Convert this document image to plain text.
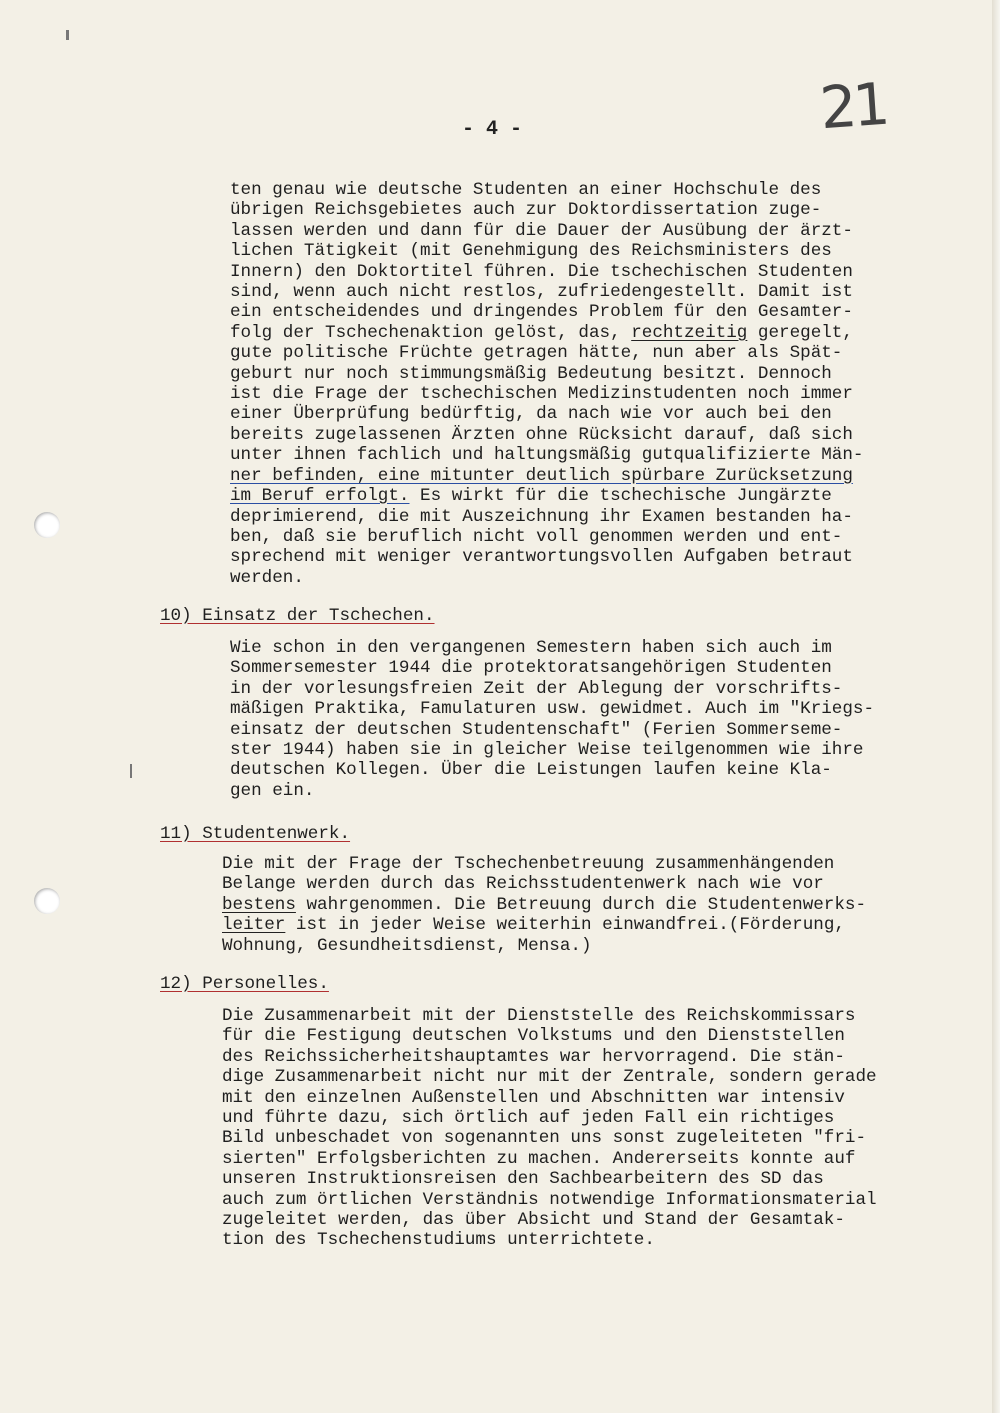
21
- 4 -
ten genau wie deutsche Studenten an einer Hochschule des
übrigen Reichsgebietes auch zur Doktordissertation zuge-
lassen werden und dann für die Dauer der Ausübung der ärzt-
lichen Tätigkeit (mit Genehmigung des Reichsministers des
Innern) den Doktortitel führen. Die tschechischen Studenten
sind, wenn auch nicht restlos, zufriedengestellt. Damit ist
ein entscheidendes und dringendes Problem für den Gesamter-
folg der Tschechenaktion gelöst, das, rechtzeitig geregelt,
gute politische Früchte getragen hätte, nun aber als Spät-
geburt nur noch stimmungsmäßig Bedeutung besitzt. Dennoch
ist die Frage der tschechischen Medizinstudenten noch immer
einer Überprüfung bedürftig, da nach wie vor auch bei den
bereits zugelassenen Ärzten ohne Rücksicht darauf, daß sich
unter ihnen fachlich und haltungsmäßig gutqualifizierte Män-
ner befinden, eine mitunter deutlich spürbare Zurücksetzung
im Beruf erfolgt. Es wirkt für die tschechische Jungärzte
deprimierend, die mit Auszeichnung ihr Examen bestanden ha-
ben, daß sie beruflich nicht voll genommen werden und ent-
sprechend mit weniger verantwortungsvollen Aufgaben betraut
werden.
10) Einsatz der Tschechen.
Wie schon in den vergangenen Semestern haben sich auch im
Sommersemester 1944 die protektoratsangehörigen Studenten
in der vorlesungsfreien Zeit der Ablegung der vorschrifts-
mäßigen Praktika, Famulaturen usw. gewidmet. Auch im "Kriegs-
einsatz der deutschen Studentenschaft" (Ferien Sommerseme-
ster 1944) haben sie in gleicher Weise teilgenommen wie ihre
deutschen Kollegen. Über die Leistungen laufen keine Kla-
gen ein.
11) Studentenwerk.
Die mit der Frage der Tschechenbetreuung zusammenhängenden
Belange werden durch das Reichsstudentenwerk nach wie vor
bestens wahrgenommen. Die Betreuung durch die Studentenwerks-
leiter ist in jeder Weise weiterhin einwandfrei.(Förderung,
Wohnung, Gesundheitsdienst, Mensa.)
12) Personelles.
Die Zusammenarbeit mit der Dienststelle des Reichskommissars
für die Festigung deutschen Volkstums und den Dienststellen
des Reichssicherheitshauptamtes war hervorragend. Die stän-
dige Zusammenarbeit nicht nur mit der Zentrale, sondern gerade
mit den einzelnen Außenstellen und Abschnitten war intensiv
und führte dazu, sich örtlich auf jeden Fall ein richtiges
Bild unbeschadet von sogenannten uns sonst zugeleiteten "fri-
sierten" Erfolgsberichten zu machen. Andererseits konnte auf
unseren Instruktionsreisen den Sachbearbeitern des SD das
auch zum örtlichen Verständnis notwendige Informationsmaterial
zugeleitet werden, das über Absicht und Stand der Gesamtak-
tion des Tschechenstudiums unterrichtete.
